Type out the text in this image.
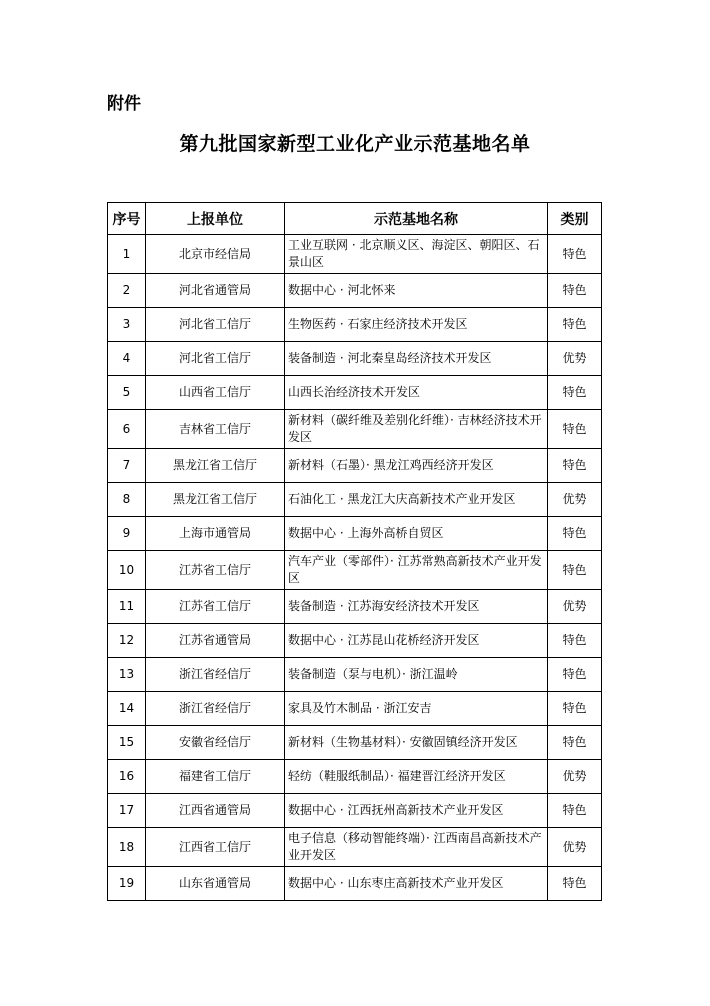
附件
第九批国家新型工业化产业示范基地名单
序号	上报单位	示范基地名称	类别
1	北京市经信局	工业互联网 · 北京顺义区、海淀区、朝阳区、石景山区	特色
2	河北省通管局	数据中心 · 河北怀来	特色
3	河北省工信厅	生物医药 · 石家庄经济技术开发区	特色
4	河北省工信厅	装备制造 · 河北秦皇岛经济技术开发区	优势
5	山西省工信厅	山西长治经济技术开发区	特色
6	吉林省工信厅	新材料（碳纤维及差别化纤维）· 吉林经济技术开发区	特色
7	黑龙江省工信厅	新材料（石墨）· 黑龙江鸡西经济开发区	特色
8	黑龙江省工信厅	石油化工 · 黑龙江大庆高新技术产业开发区	优势
9	上海市通管局	数据中心 · 上海外高桥自贸区	特色
10	江苏省工信厅	汽车产业（零部件）· 江苏常熟高新技术产业开发区	特色
11	江苏省工信厅	装备制造 · 江苏海安经济技术开发区	优势
12	江苏省通管局	数据中心 · 江苏昆山花桥经济开发区	特色
13	浙江省经信厅	装备制造（泵与电机）· 浙江温岭	特色
14	浙江省经信厅	家具及竹木制品 · 浙江安吉	特色
15	安徽省经信厅	新材料（生物基材料）· 安徽固镇经济开发区	特色
16	福建省工信厅	轻纺（鞋服纸制品）· 福建晋江经济开发区	优势
17	江西省通管局	数据中心 · 江西抚州高新技术产业开发区	特色
18	江西省工信厅	电子信息（移动智能终端）· 江西南昌高新技术产业开发区	优势
19	山东省通管局	数据中心 · 山东枣庄高新技术产业开发区	特色
